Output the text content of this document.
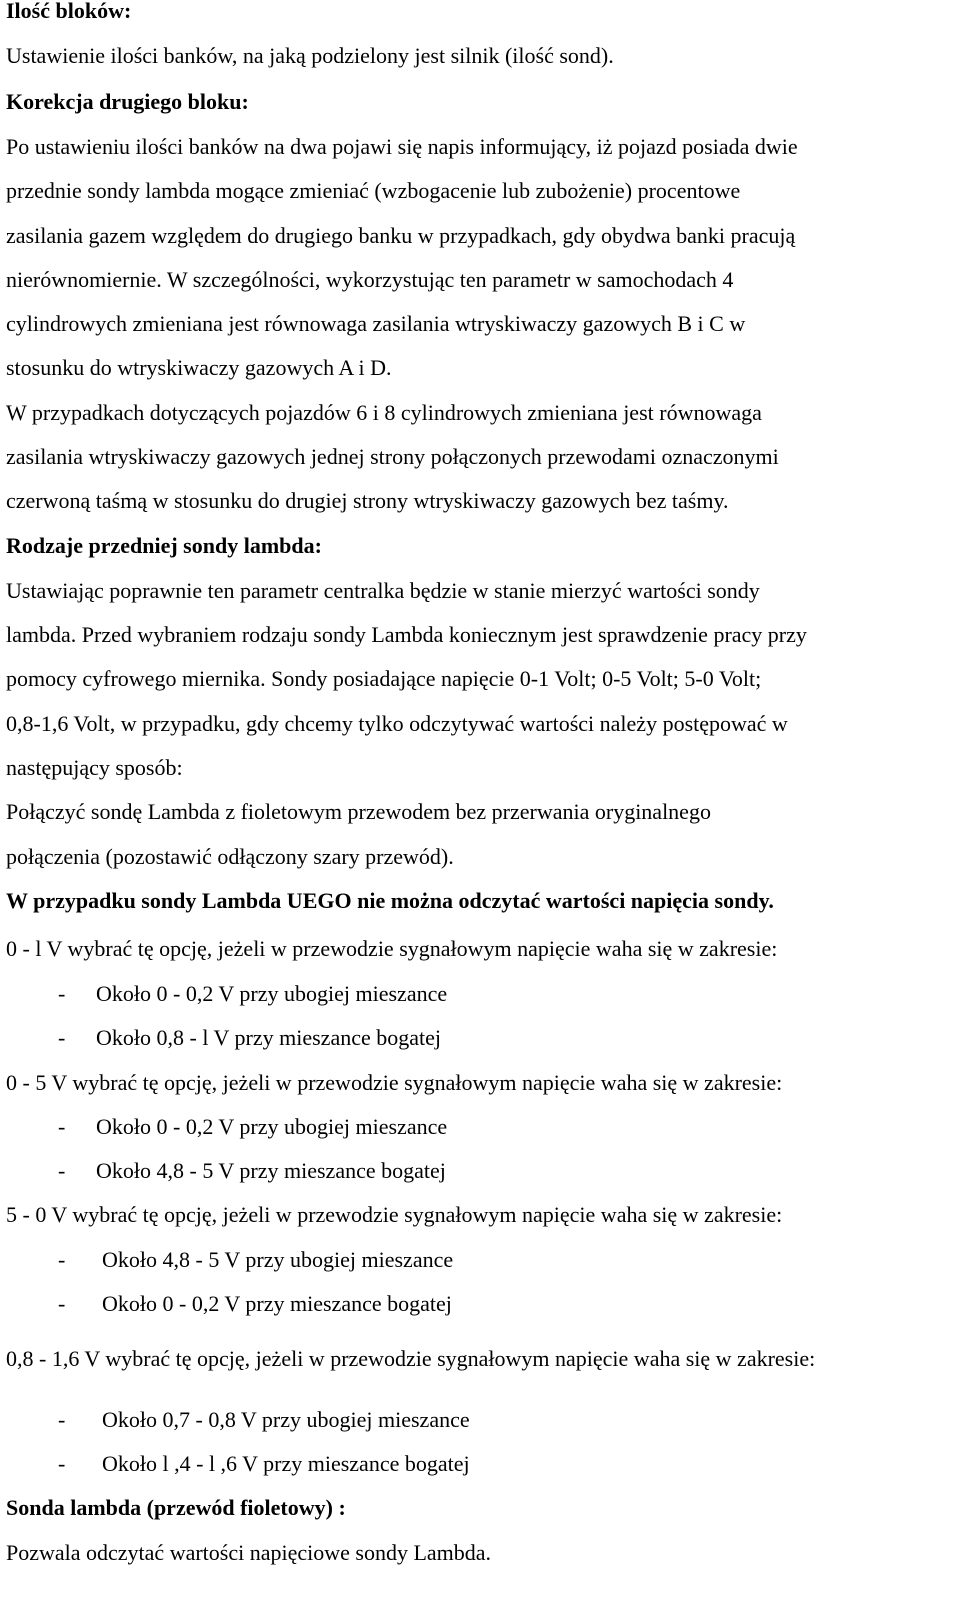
Ilość bloków:
Ustawienie ilości banków, na jaką podzielony jest silnik (ilość sond).
Korekcja drugiego bloku:
Po ustawieniu ilości banków na dwa pojawi się napis informujący, iż pojazd posiada dwie
przednie sondy lambda mogące zmieniać (wzbogacenie lub zubożenie) procentowe
zasilania gazem względem do drugiego banku w przypadkach, gdy obydwa banki pracują
nierównomiernie. W szczególności, wykorzystując ten parametr w samochodach 4
cylindrowych zmieniana jest równowaga zasilania wtryskiwaczy gazowych B i C w
stosunku do wtryskiwaczy gazowych A i D.
W przypadkach dotyczących pojazdów 6 i 8 cylindrowych zmieniana jest równowaga
zasilania wtryskiwaczy gazowych jednej strony połączonych przewodami oznaczonymi
czerwoną taśmą w stosunku do drugiej strony wtryskiwaczy gazowych bez taśmy.
Rodzaje przedniej sondy lambda:
Ustawiając poprawnie ten parametr centralka będzie w stanie mierzyć wartości sondy
lambda. Przed wybraniem rodzaju sondy Lambda koniecznym jest sprawdzenie pracy przy
pomocy cyfrowego miernika. Sondy posiadające napięcie 0-1 Volt; 0-5 Volt; 5-0 Volt;
0,8-1,6 Volt, w przypadku, gdy chcemy tylko odczytywać wartości należy postępować w
następujący sposób:
Połączyć sondę Lambda z fioletowym przewodem bez przerwania oryginalnego
połączenia (pozostawić odłączony szary przewód).
W przypadku sondy Lambda UEGO nie można odczytać wartości napięcia sondy.
0 - l V wybrać tę opcję, jeżeli w przewodzie sygnałowym napięcie waha się w zakresie:
- Około 0 - 0,2 V przy ubogiej mieszance
- Około 0,8 - l V przy mieszance bogatej
0 - 5 V wybrać tę opcję, jeżeli w przewodzie sygnałowym napięcie waha się w zakresie:
- Około 0 - 0,2 V przy ubogiej mieszance
- Około 4,8 - 5 V przy mieszance bogatej
5 - 0 V wybrać tę opcję, jeżeli w przewodzie sygnałowym napięcie waha się w zakresie:
- Około 4,8 - 5 V przy ubogiej mieszance
- Około 0 - 0,2 V przy mieszance bogatej
0,8 - 1,6 V wybrać tę opcję, jeżeli w przewodzie sygnałowym napięcie waha się w zakresie:
- Około 0,7 - 0,8 V przy ubogiej mieszance
- Około l ,4 - l ,6 V przy mieszance bogatej
Sonda lambda (przewód fioletowy) :
Pozwala odczytać wartości napięciowe sondy Lambda.
